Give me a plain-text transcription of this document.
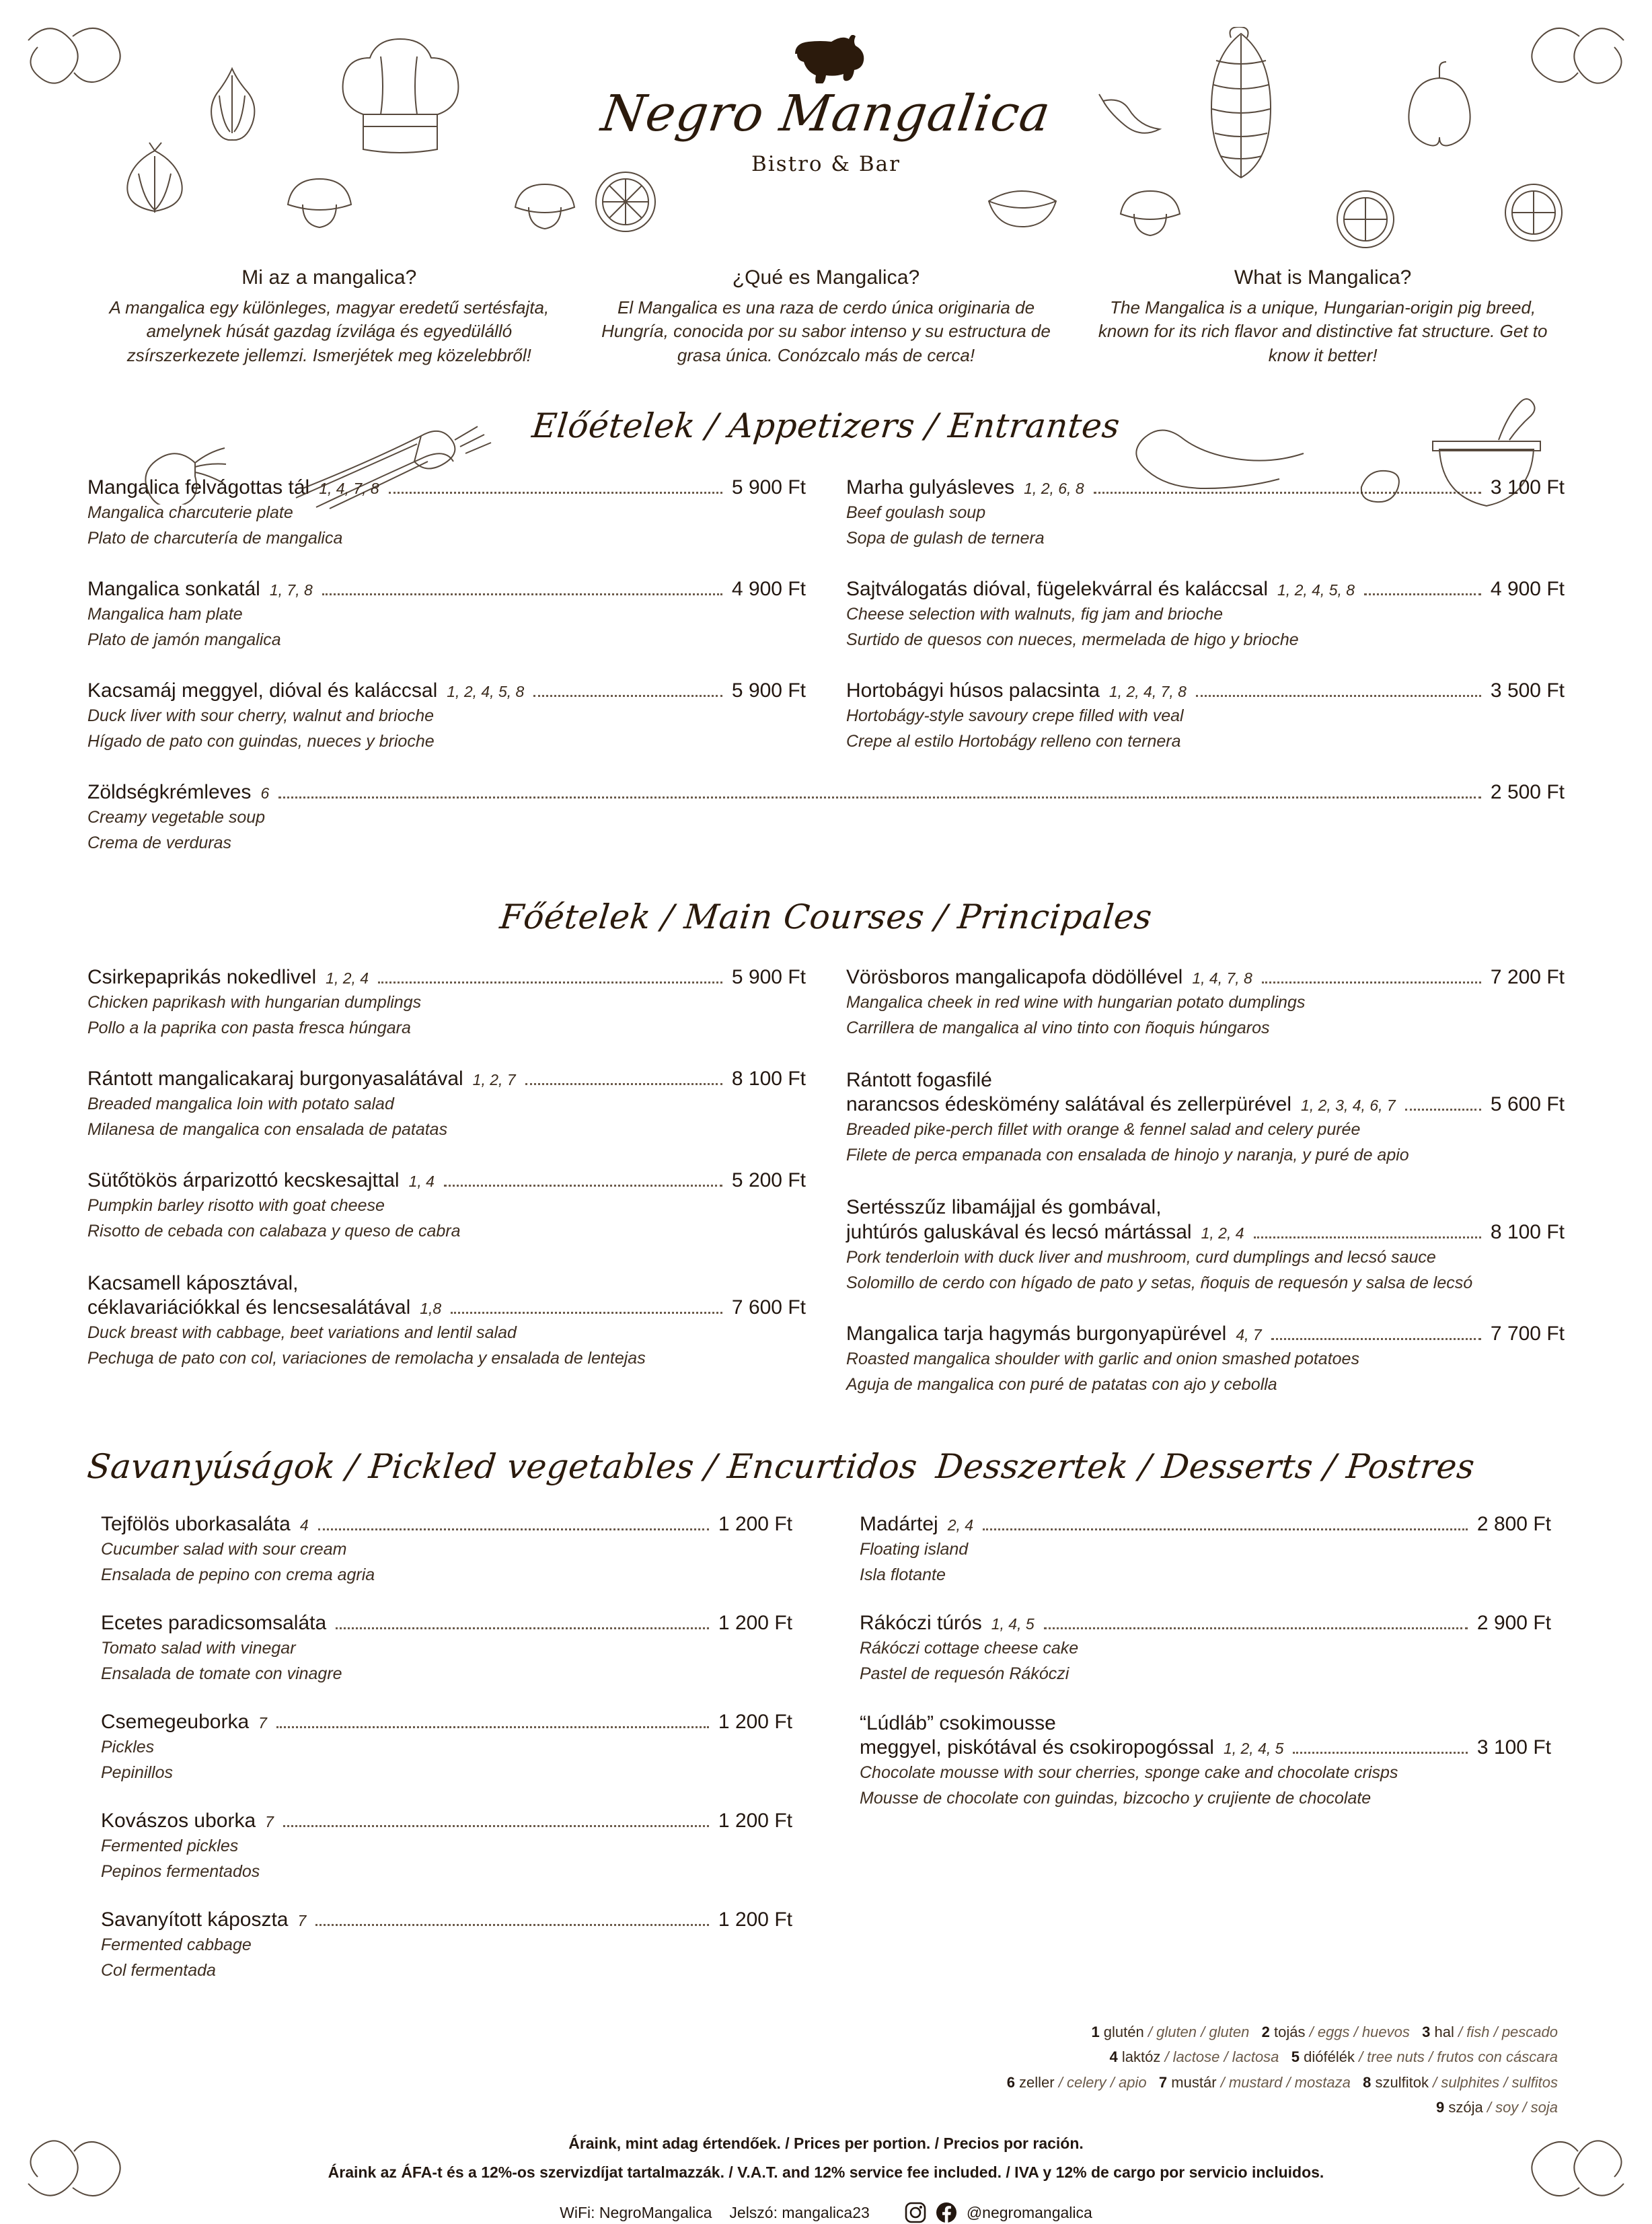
Negro Mangalica
Bistro & Bar
Mi az a mangalica?
A mangalica egy különleges, magyar eredetű sertésfajta, amelynek húsát gazdag ízvilága és egyedülálló zsírszerkezete jellemzi. Ismerjétek meg közelebbről!
¿Qué es Mangalica?
El Mangalica es una raza de cerdo única originaria de Hungría, conocida por su sabor intenso y su estructura de grasa única. Conózcalo más de cerca!
What is Mangalica?
The Mangalica is a unique, Hungarian-origin pig breed, known for its rich flavor and distinctive fat structure. Get to know it better!
Előételek / Appetizers / Entrantes
Mangalica felvágottas tál 1, 4, 7, 8	5 900 Ft
Mangalica charcuterie plate
Plato de charcutería de mangalica
Mangalica sonkatál 1, 7, 8	4 900 Ft
Mangalica ham plate
Plato de jamón mangalica
Kacsamáj meggyel, dióval és kaláccsal 1, 2, 4, 5, 8	5 900 Ft
Duck liver with sour cherry, walnut and brioche
Hígado de pato con guindas, nueces y brioche
Marha gulyásleves 1, 2, 6, 8	3 100 Ft
Beef goulash soup
Sopa de gulash de ternera
Sajtválogatás dióval, fügelekvárral és kaláccsal 1, 2, 4, 5, 8	4 900 Ft
Cheese selection with walnuts, fig jam and brioche
Surtido de quesos con nueces, mermelada de higo y brioche
Hortobágyi húsos palacsinta 1, 2, 4, 7, 8	3 500 Ft
Hortobágy-style savoury crepe filled with veal
Crepe al estilo Hortobágy relleno con ternera
Zöldségkrémleves 6	2 500 Ft
Creamy vegetable soup
Crema de verduras
Főételek / Main Courses / Principales
Csirkepaprikás nokedlivel 1, 2, 4	5 900 Ft
Chicken paprikash with hungarian dumplings
Pollo a la paprika con pasta fresca húngara
Rántott mangalicakaraj burgonyasalátával 1, 2, 7	8 100 Ft
Breaded mangalica loin with potato salad
Milanesa de mangalica con ensalada de patatas
Sütőtökös árparizottó kecskesajttal 1, 4	5 200 Ft
Pumpkin barley risotto with goat cheese
Risotto de cebada con calabaza y queso de cabra
Kacsamell káposztával,
céklavariációkkal és lencsesalátával 1,8	7 600 Ft
Duck breast with cabbage, beet variations and lentil salad
Pechuga de pato con col, variaciones de remolacha y ensalada de lentejas
Vörösboros mangalicapofa dödöllével 1, 4, 7, 8	7 200 Ft
Mangalica cheek in red wine with hungarian potato dumplings
Carrillera de mangalica al vino tinto con ñoquis húngaros
Rántott fogasfilé
narancsos édeskömény salátával és zellerpürével 1, 2, 3, 4, 6, 7	5 600 Ft
Breaded pike-perch fillet with orange & fennel salad and celery purée
Filete de perca empanada con ensalada de hinojo y naranja, y puré de apio
Sertésszűz libamájjal és gombával,
juhtúrós galuskával és lecsó mártással 1, 2, 4	8 100 Ft
Pork tenderloin with duck liver and mushroom, curd dumplings and lecsó sauce
Solomillo de cerdo con hígado de pato y setas, ñoquis de requesón y salsa de lecsó
Mangalica tarja hagymás burgonyapürével 4, 7	7 700 Ft
Roasted mangalica shoulder with garlic and onion smashed potatoes
Aguja de mangalica con puré de patatas con ajo y cebolla
Savanyúságok / Pickled vegetables / Encurtidos
Tejfölös uborkasaláta 4	1 200 Ft
Cucumber salad with sour cream
Ensalada de pepino con crema agria
Ecetes paradicsomsaláta	1 200 Ft
Tomato salad with vinegar
Ensalada de tomate con vinagre
Csemegeuborka 7	1 200 Ft
Pickles
Pepinillos
Kovászos uborka 7	1 200 Ft
Fermented pickles
Pepinos fermentados
Savanyított káposzta 7	1 200 Ft
Fermented cabbage
Col fermentada
Desszertek / Desserts / Postres
Madártej 2, 4	2 800 Ft
Floating island
Isla flotante
Rákóczi túrós 1, 4, 5	2 900 Ft
Rákóczi cottage cheese cake
Pastel de requesón Rákóczi
“Lúdláb” csokimousse
meggyel, piskótával és csokiropogóssal 1, 2, 4, 5	3 100 Ft
Chocolate mousse with sour cherries, sponge cake and chocolate crisps
Mousse de chocolate con guindas, bizcocho y crujiente de chocolate
1 glutén / gluten / gluten 2 tojás / eggs / huevos 3 hal / fish / pescado
4 laktóz / lactose / lactosa 5 diófélék / tree nuts / frutos con cáscara
6 zeller / celery / apio 7 mustár / mustard / mostaza 8 szulfitok / sulphites / sulfitos
9 szója / soy / soja
Áraink, mint adag értendőek. / Prices per portion. / Precios por ración.
Áraink az ÁFA-t és a 12%-os szervizdíjat tartalmazzák. / V.A.T. and 12% service fee included. / IVA y 12% de cargo por servicio incluidos.
WiFi: NegroMangalica Jelszó: mangalica23	@negromangalica
